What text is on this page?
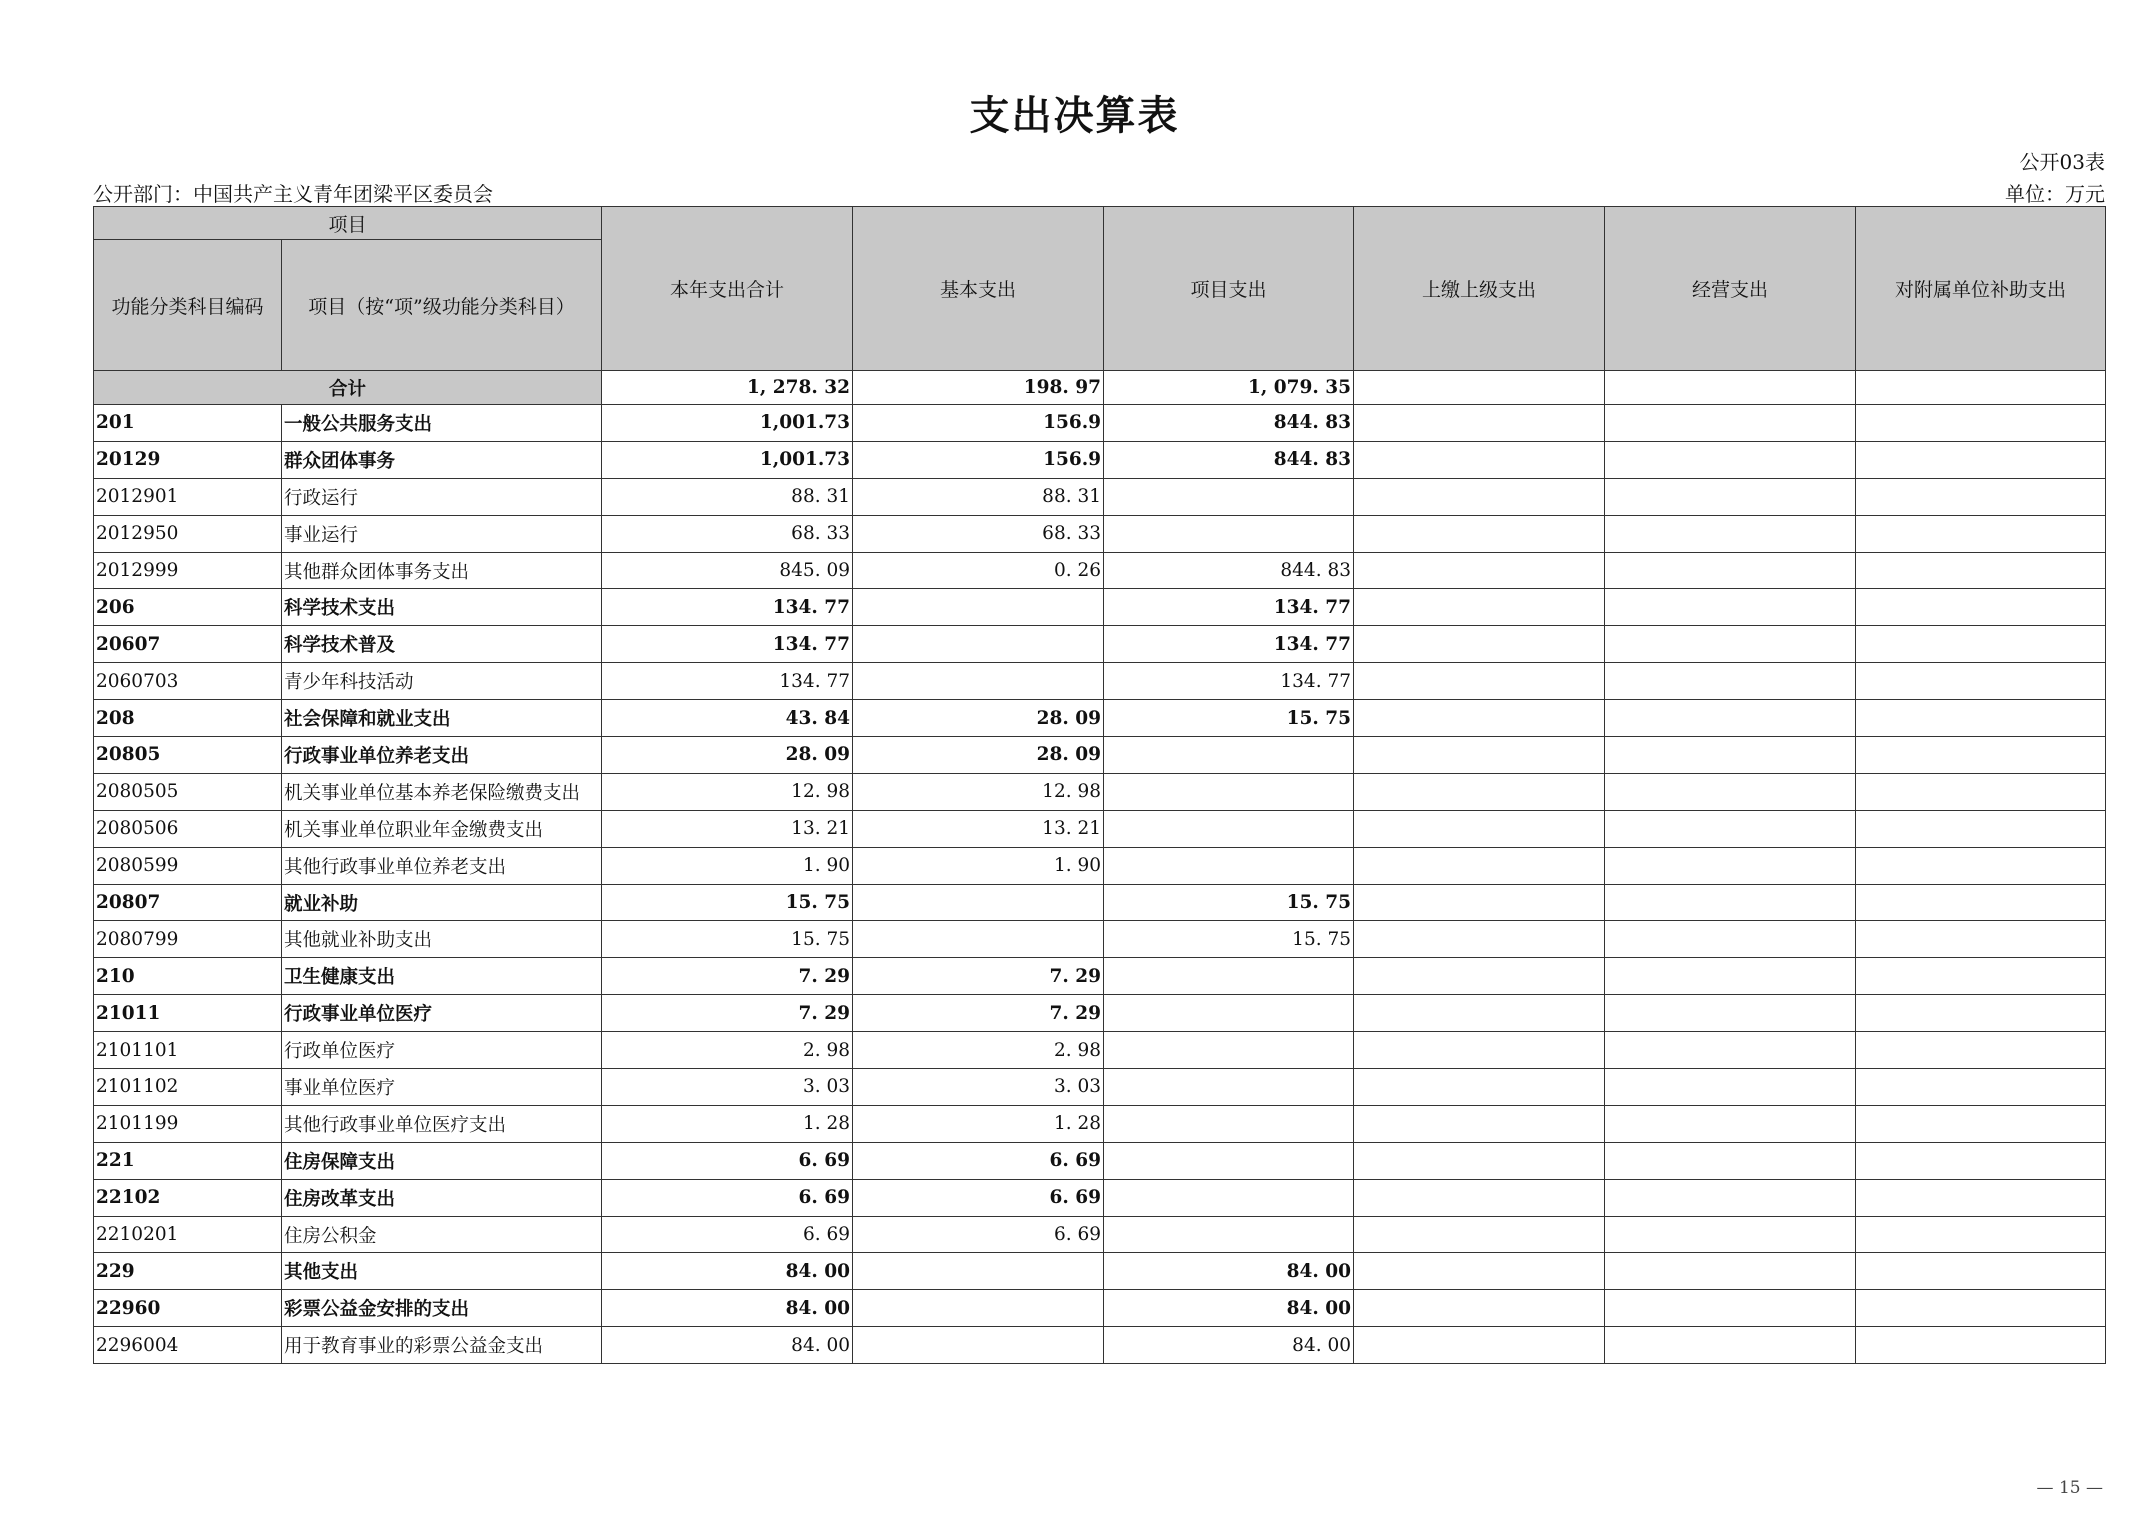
支出决算表
公开03表
公开部门：中国共产主义青年团梁平区委员会	单位：万元
项目		本年支出合计	基本支出	项目支出	上缴上级支出	经营支出	对附属单位补助支出
功能分类科目编码	项目（按“项”级功能分类科目）						
合计		1, 278. 32	198. 97	1, 079. 35			
201	一般公共服务支出	1,001.73	156.9	844. 83			
20129	群众团体事务	1,001.73	156.9	844. 83			
2012901	行政运行	88. 31	88. 31				
2012950	事业运行	68. 33	68. 33				
2012999	其他群众团体事务支出	845. 09	0. 26	844. 83			
206	科学技术支出	134. 77		134. 77			
20607	科学技术普及	134. 77		134. 77			
2060703	青少年科技活动	134. 77		134. 77			
208	社会保障和就业支出	43. 84	28. 09	15. 75			
20805	行政事业单位养老支出	28. 09	28. 09				
2080505	机关事业单位基本养老保险缴费支出	12. 98	12. 98				
2080506	机关事业单位职业年金缴费支出	13. 21	13. 21				
2080599	其他行政事业单位养老支出	1. 90	1. 90				
20807	就业补助	15. 75		15. 75			
2080799	其他就业补助支出	15. 75		15. 75			
210	卫生健康支出	7. 29	7. 29				
21011	行政事业单位医疗	7. 29	7. 29				
2101101	行政单位医疗	2. 98	2. 98				
2101102	事业单位医疗	3. 03	3. 03				
2101199	其他行政事业单位医疗支出	1. 28	1. 28				
221	住房保障支出	6. 69	6. 69				
22102	住房改革支出	6. 69	6. 69				
2210201	住房公积金	6. 69	6. 69				
229	其他支出	84. 00		84. 00			
22960	彩票公益金安排的支出	84. 00		84. 00			
2296004	用于教育事业的彩票公益金支出	84. 00		84. 00			
— 15 —
